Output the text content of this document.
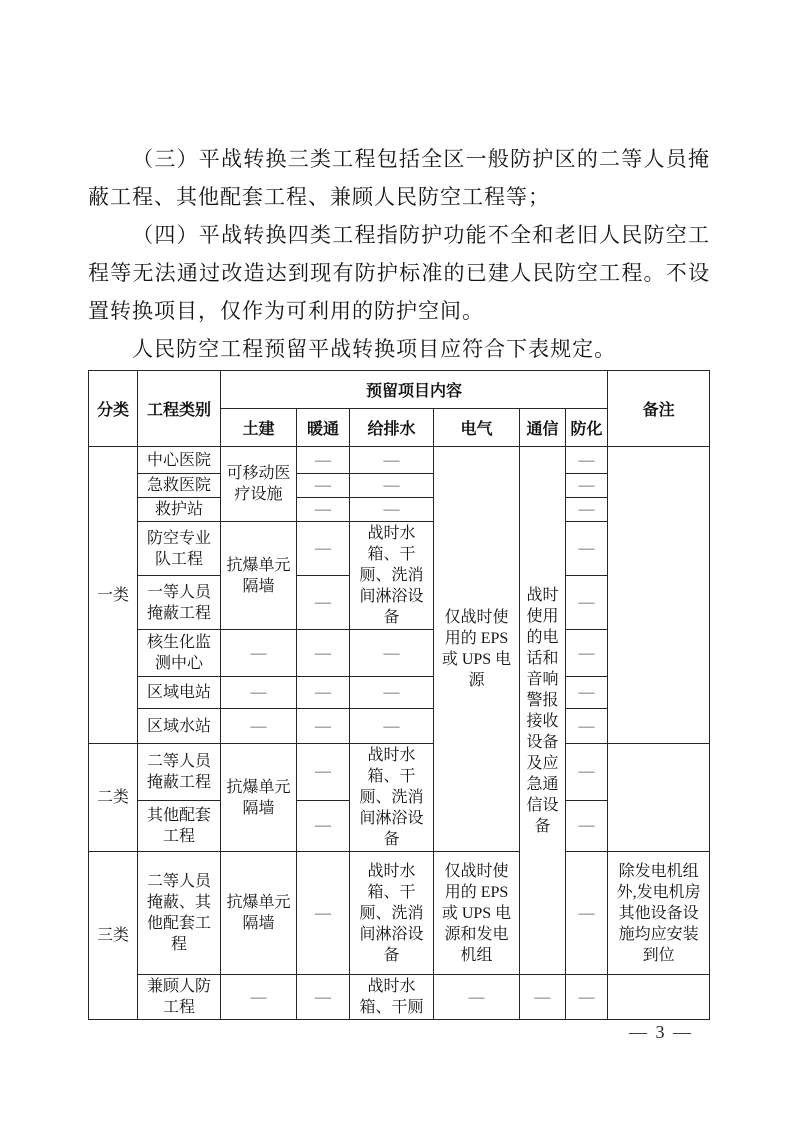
（三）平战转换三类工程包括全区一般防护区的二等人员掩蔽工程、其他配套工程、兼顾人民防空工程等；

（四）平战转换四类工程指防护功能不全和老旧人民防空工程等无法通过改造达到现有防护标准的已建人民防空工程。不设置转换项目，仅作为可利用的防护空间。

人民防空工程预留平战转换项目应符合下表规定。

分类	工程类别	预留项目内容						备注
		土建	暖通	给排水	电气	通信	防化	
一类	中心医院	可移动医疗设施	—	—	仅战时使用的 EPS 或 UPS 电源	战时使用的电话和音响警报接收设备及应急通信设备	—	
	急救医院		—	—			—	
	救护站		—	—			—	
	防空专业队工程	抗爆单元隔墙	—	战时水箱、干厕、洗消间淋浴设备			—	
	一等人员掩蔽工程		—				—	
	核生化监测中心	—	—	—			—	
	区域电站	—	—	—			—	
	区域水站	—	—	—			—	
二类	二等人员掩蔽工程	抗爆单元隔墙	—	战时水箱、干厕、洗消间淋浴设备			—	
	其他配套工程		—				—	
三类	二等人员掩蔽、其他配套工程	抗爆单元隔墙	—	战时水箱、干厕、洗消间淋浴设备	仅战时使用的 EPS 或 UPS 电源和发电机组		—	除发电机组外,发电机房其他设备设施均应安装到位
	兼顾人防工程	—	—	战时水箱、干厕	—	—	—	
— 3 —
